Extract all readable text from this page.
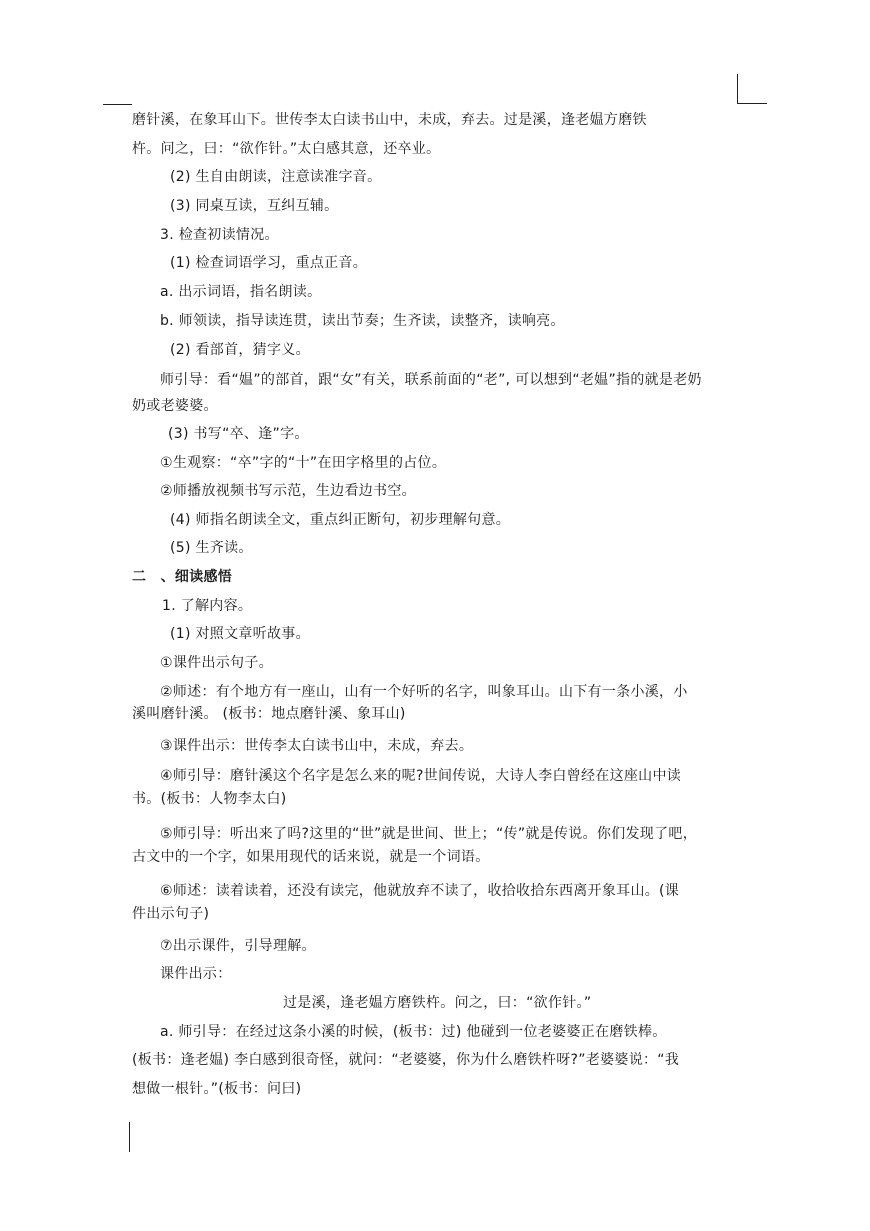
磨针溪，在象耳山下。世传李太白读书山中，未成，弃去。过是溪，逢老媪方磨铁
杵。问之，曰：“欲作针。”太白感其意，还卒业。
(2) 生自由朗读，注意读准字音。
(3) 同桌互读，互纠互辅。
3. 检查初读情况。
(1) 检查词语学习，重点正音。
a. 出示词语，指名朗读。
b. 师领读，指导读连贯，读出节奏；生齐读，读整齐，读响亮。
(2) 看部首，猜字义。
师引导：看“媪”的部首，跟“女”有关，联系前面的“老”, 可以想到“老媪”指的就是老奶
奶或老婆婆。
(3) 书写“卒、逢”字。
①生观察：“卒”字的“十”在田字格里的占位。
②师播放视频书写示范，生边看边书空。
(4) 师指名朗读全文，重点纠正断句，初步理解句意。
(5) 生齐读。
二　、细读感悟
1. 了解内容。
(1) 对照文章听故事。
①课件出示句子。
②师述：有个地方有一座山，山有一个好听的名字，叫象耳山。山下有一条小溪，小
溪叫磨针溪。 (板书：地点磨针溪、象耳山)
③课件出示：世传李太白读书山中，未成，弃去。
④师引导：磨针溪这个名字是怎么来的呢?世间传说，大诗人李白曾经在这座山中读
书。(板书：人物李太白)
⑤师引导：听出来了吗?这里的“世”就是世间、世上；“传”就是传说。你们发现了吧，
古文中的一个字，如果用现代的话来说，就是一个词语。
⑥师述：读着读着，还没有读完，他就放弃不读了，收拾收拾东西离开象耳山。(课
件出示句子)
⑦出示课件，引导理解。
课件出示：
过是溪，逢老媪方磨铁杵。问之，曰：“欲作针。”
a. 师引导：在经过这条小溪的时候，(板书：过) 他碰到一位老婆婆正在磨铁棒。
(板书：逢老媪) 李白感到很奇怪，就问：“老婆婆，你为什么磨铁杵呀?”老婆婆说：“我
想做一根针。”(板书：问曰)
